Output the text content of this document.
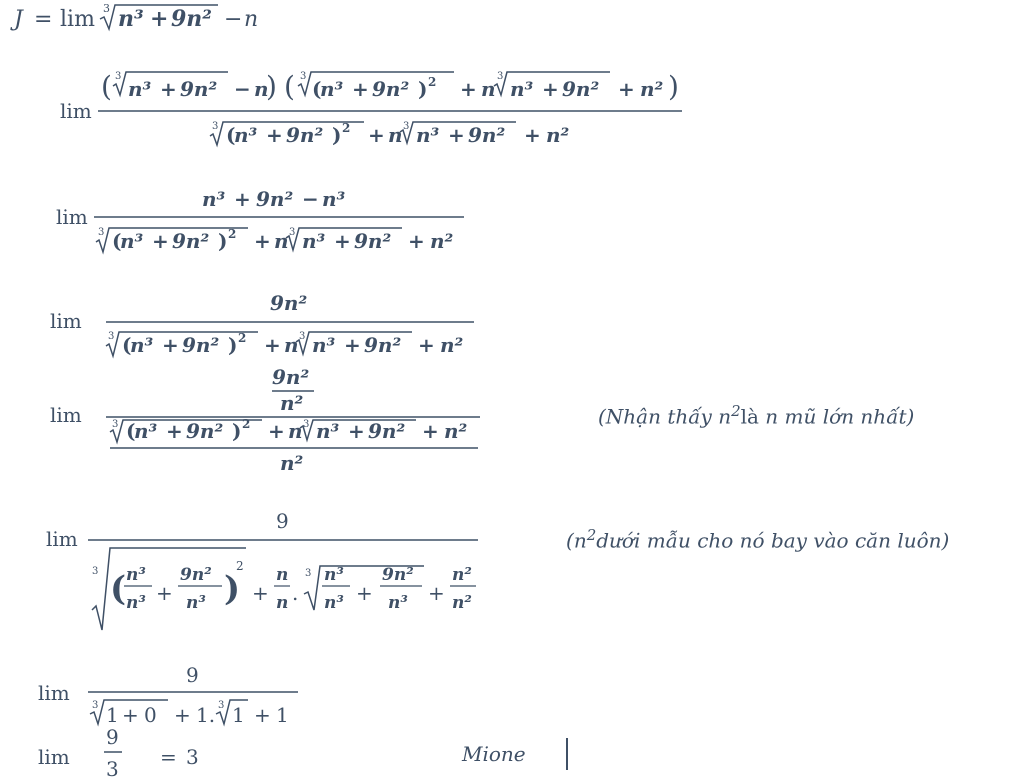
J = lim 3 n³ + 9n² − n
lim
( 3
n³ + 9n² − n
) ( 3
(
n³ + 9n² ) 2 + n
3
n³ + 9n² + n² )
3 (
n³ + 9n² ) 2 + n 3 n³ + 9n² + n²
lim
n³ + 9n² − n³
3 (
n³ + 9n² ) 2 + n 3 n³ + 9n² + n²
lim
9n²
3 (
n³ + 9n² ) 2 + n 3 n³ + 9n² + n²
lim
9n²
n²
3 (
n³ + 9n² ) 2 + n 3 n³ + 9n² + n²
n²
(Nhận thấy $n^2là$ n mũ lớn nhất)
lim
9
3 ( n³
n³ +
9n²
n³ )
2
+
n
n .
3 n³
n³ +
9n²
n³ +
n²
n²
($n^2dưới$ mẫu cho nó bay vào căn luôn)
lim
9
3 1 + 0 + 1. 3 1 + 1
lim
9
3 = 3	Mione
